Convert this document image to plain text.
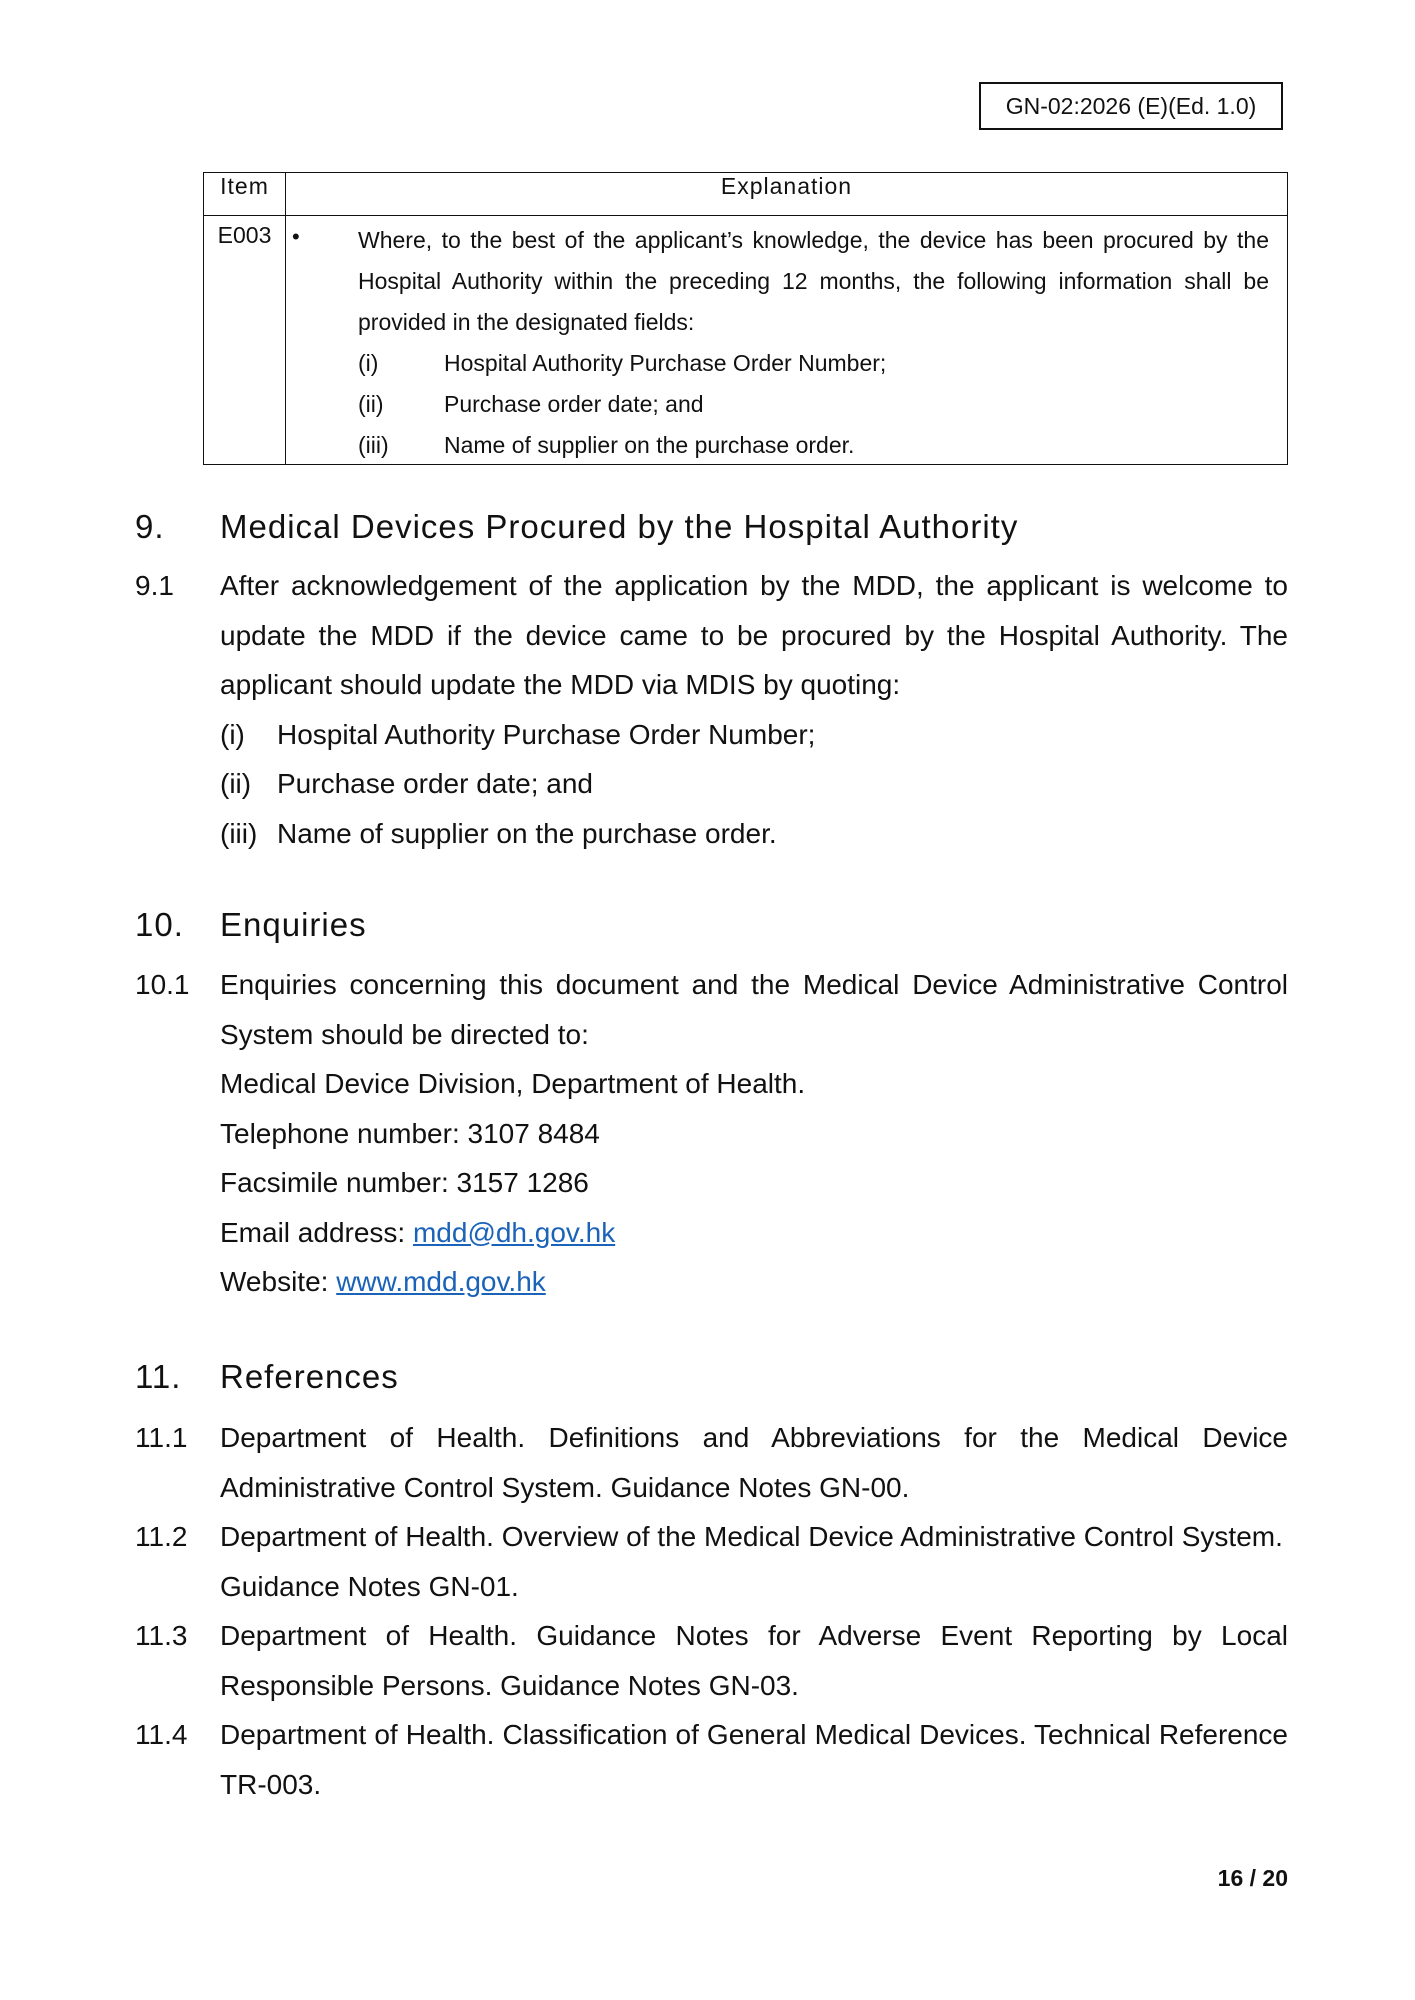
GN-02:2026 (E)(Ed. 1.0)
Item	Explanation
E003	• Where, to the best of the applicant’s knowledge, the device has been procured by the Hospital Authority within the preceding 12 months, the following information shall be provided in the designated fields:
(i) Hospital Authority Purchase Order Number;
(ii) Purchase order date; and
(iii) Name of supplier on the purchase order.
9. Medical Devices Procured by the Hospital Authority
9.1 After acknowledgement of the application by the MDD, the applicant is welcome to update the MDD if the device came to be procured by the Hospital Authority. The applicant should update the MDD via MDIS by quoting:
(i) Hospital Authority Purchase Order Number;
(ii) Purchase order date; and
(iii) Name of supplier on the purchase order.
10. Enquiries
10.1 Enquiries concerning this document and the Medical Device Administrative Control System should be directed to:
Medical Device Division, Department of Health.
Telephone number: 3107 8484
Facsimile number: 3157 1286
Email address: mdd@dh.gov.hk
Website: www.mdd.gov.hk
11. References
11.1 Department of Health. Definitions and Abbreviations for the Medical Device Administrative Control System. Guidance Notes GN-00.
11.2 Department of Health. Overview of the Medical Device Administrative Control System.
Guidance Notes GN-01.
11.3 Department of Health. Guidance Notes for Adverse Event Reporting by Local Responsible Persons. Guidance Notes GN-03.
11.4 Department of Health. Classification of General Medical Devices. Technical Reference TR-003.
16 / 20
